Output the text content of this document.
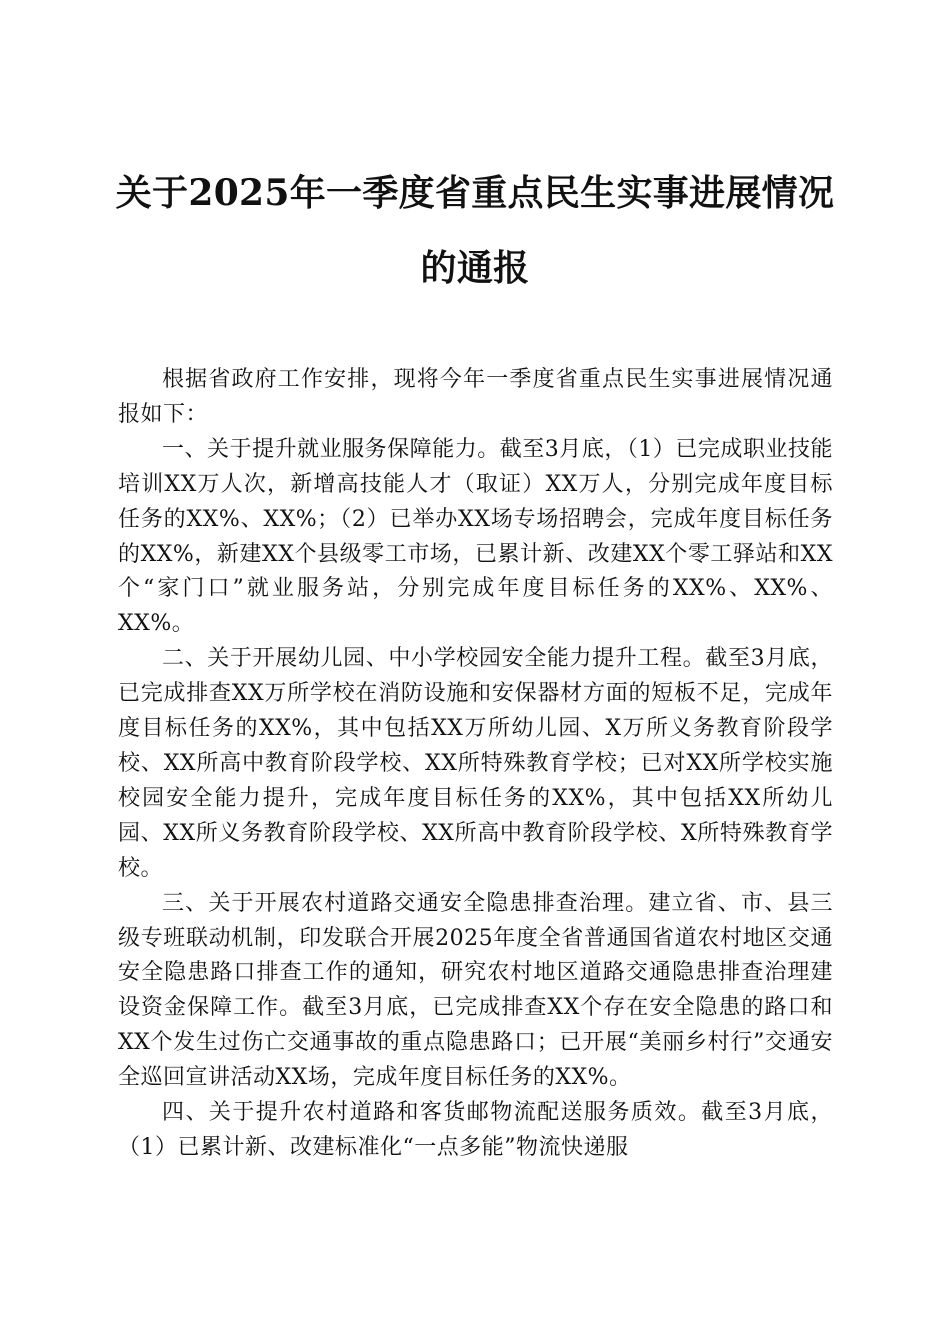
关于2025年一季度省重点民生实事进展情况
的通报

根据省政府工作安排，现将今年一季度省重点民生实事进展情况通报如下：

一、关于提升就业服务保障能力。截至3月底，（1）已完成职业技能培训XX万人次，新增高技能人才（取证）XX万人，分别完成年度目标任务的XX%、XX%；（2）已举办XX场专场招聘会，完成年度目标任务的XX%，新建XX个县级零工市场，已累计新、改建XX个零工驿站和XX个“家门口”就业服务站，分别完成年度目标任务的XX%、XX%、XX%。

二、关于开展幼儿园、中小学校园安全能力提升工程。截至3月底，已完成排查XX万所学校在消防设施和安保器材方面的短板不足，完成年度目标任务的XX%，其中包括XX万所幼儿园、X万所义务教育阶段学校、XX所高中教育阶段学校、XX所特殊教育学校；已对XX所学校实施校园安全能力提升，完成年度目标任务的XX%，其中包括XX所幼儿园、XX所义务教育阶段学校、XX所高中教育阶段学校、X所特殊教育学校。

三、关于开展农村道路交通安全隐患排查治理。建立省、市、县三级专班联动机制，印发联合开展2025年度全省普通国省道农村地区交通安全隐患路口排查工作的通知，研究农村地区道路交通隐患排查治理建设资金保障工作。截至3月底，已完成排查XX个存在安全隐患的路口和XX个发生过伤亡交通事故的重点隐患路口；已开展“美丽乡村行”交通安全巡回宣讲活动XX场，完成年度目标任务的XX%。

四、关于提升农村道路和客货邮物流配送服务质效。截至3月底，（1）已累计新、改建标准化“一点多能”物流快递服
